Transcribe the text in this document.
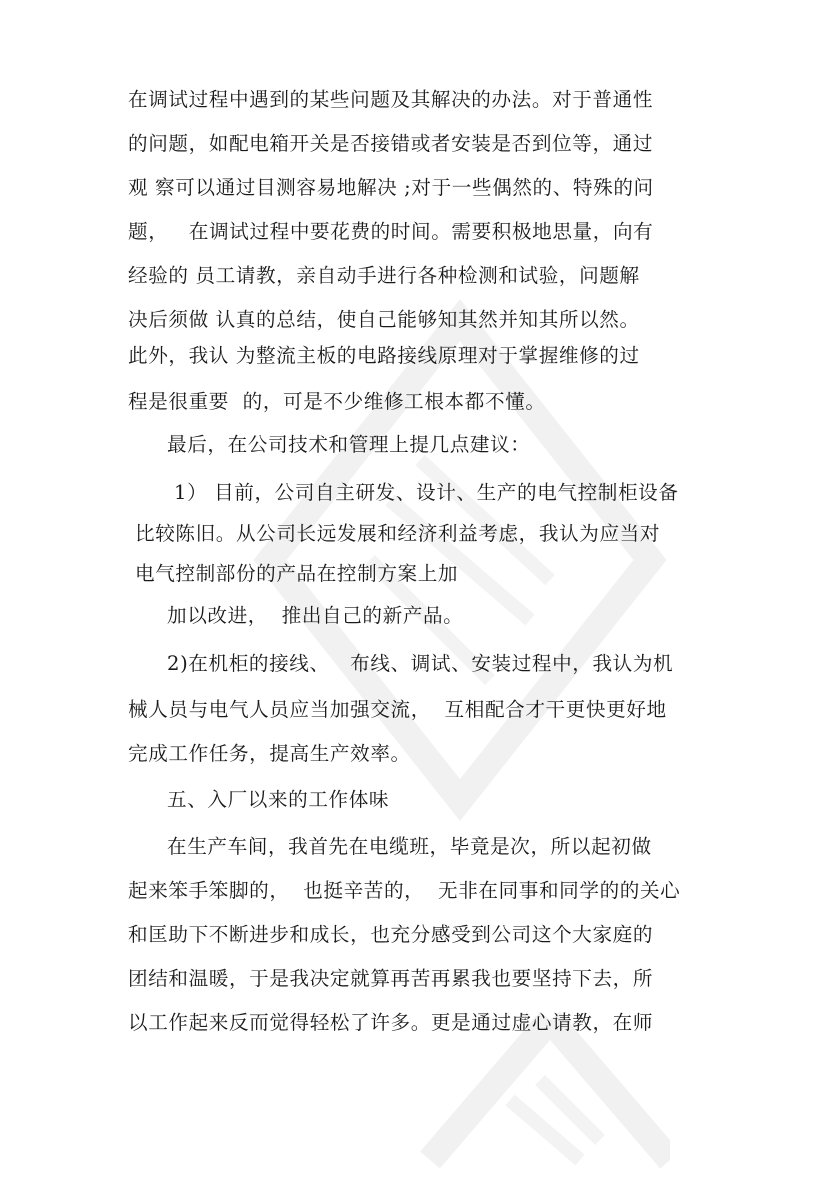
在调试过程中遇到的某些问题及其解决的办法。对于普通性
的问题，如配电箱开关是否接错或者安装是否到位等，通过
观 察可以通过目测容易地解决 ;对于一些偶然的、特殊的问
题，   在调试过程中要花费的时间。需要积极地思量，向有
经验的 员工请教，亲自动手进行各种检测和试验，问题解
决后须做 认真的总结，使自己能够知其然并知其所以然。
此外，我认 为整流主板的电路接线原理对于掌握维修的过
程是很重要  的，可是不少维修工根本都不懂。
最后，在公司技术和管理上提几点建议：
1） 目前，公司自主研发、设计、生产的电气控制柜设备
比较陈旧。从公司长远发展和经济利益考虑，我认为应当对
电气控制部份的产品在控制方案上加
加以改进，  推出自己的新产品。
2)在机柜的接线、   布线、调试、安装过程中，我认为机
械人员与电气人员应当加强交流，  互相配合才干更快更好地
完成工作任务，提高生产效率。
五、入厂以来的工作体味
在生产车间，我首先在电缆班，毕竟是次，所以起初做
起来笨手笨脚的，  也挺辛苦的，  无非在同事和同学的的关心
和匡助下不断进步和成长，也充分感受到公司这个大家庭的
团结和温暖，于是我决定就算再苦再累我也要坚持下去，所
以工作起来反而觉得轻松了许多。更是通过虚心请教，在师
